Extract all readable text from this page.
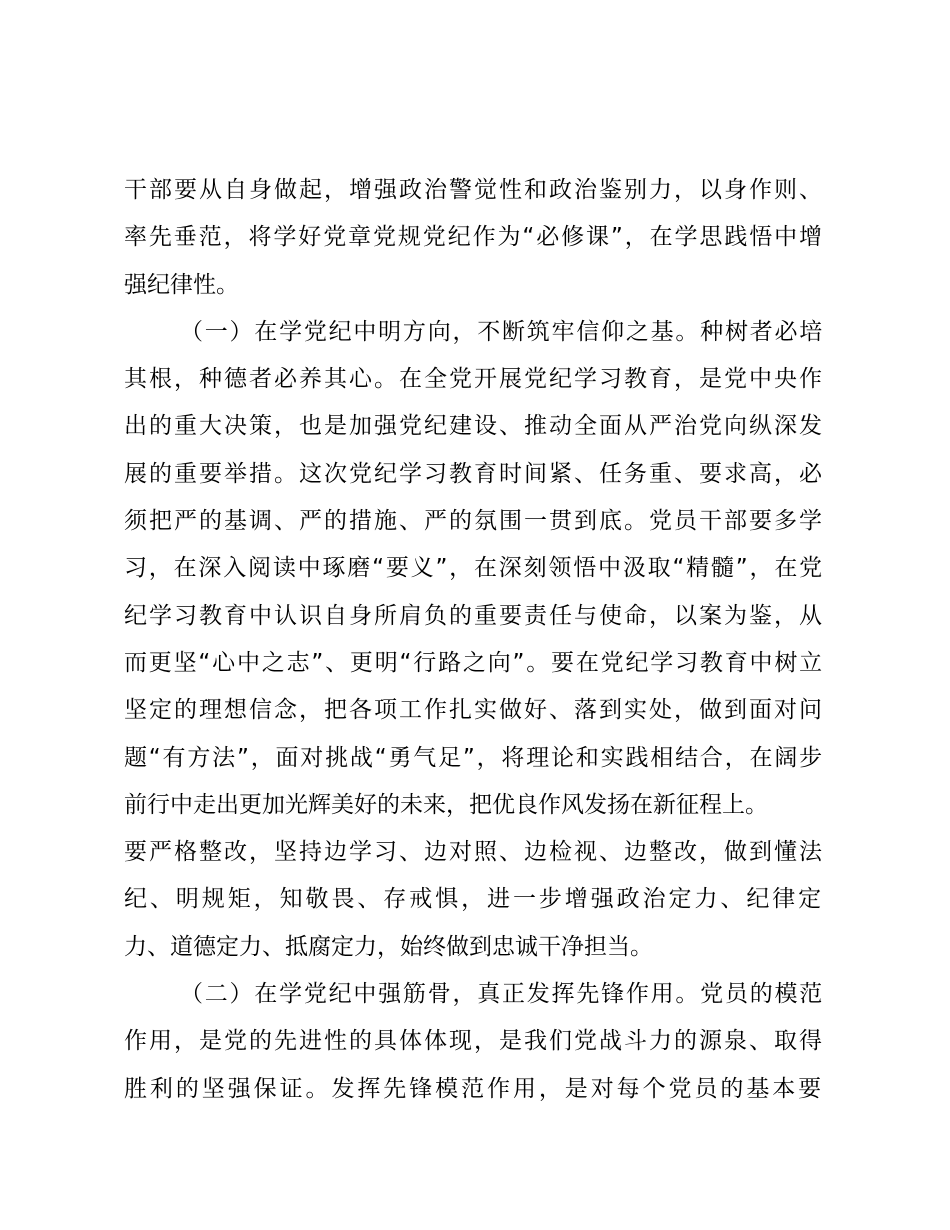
干部要从自身做起，增强政治警觉性和政治鉴别力，以身作则、
率先垂范，将学好党章党规党纪作为“必修课”，在学思践悟中增
强纪律性。
（一）在学党纪中明方向，不断筑牢信仰之基。种树者必培
其根，种德者必养其心。在全党开展党纪学习教育，是党中央作
出的重大决策，也是加强党纪建设、推动全面从严治党向纵深发
展的重要举措。这次党纪学习教育时间紧、任务重、要求高，必
须把严的基调、严的措施、严的氛围一贯到底。党员干部要多学
习，在深入阅读中琢磨“要义”，在深刻领悟中汲取“精髓”，在党
纪学习教育中认识自身所肩负的重要责任与使命，以案为鉴，从
而更坚“心中之志”、更明“行路之向”。要在党纪学习教育中树立
坚定的理想信念，把各项工作扎实做好、落到实处，做到面对问
题“有方法”，面对挑战“勇气足”，将理论和实践相结合，在阔步
前行中走出更加光辉美好的未来，把优良作风发扬在新征程上。
要严格整改，坚持边学习、边对照、边检视、边整改，做到懂法
纪、明规矩，知敬畏、存戒惧，进一步增强政治定力、纪律定
力、道德定力、抵腐定力，始终做到忠诚干净担当。
（二）在学党纪中强筋骨，真正发挥先锋作用。党员的模范
作用，是党的先进性的具体体现，是我们党战斗力的源泉、取得
胜利的坚强保证。发挥先锋模范作用，是对每个党员的基本要
